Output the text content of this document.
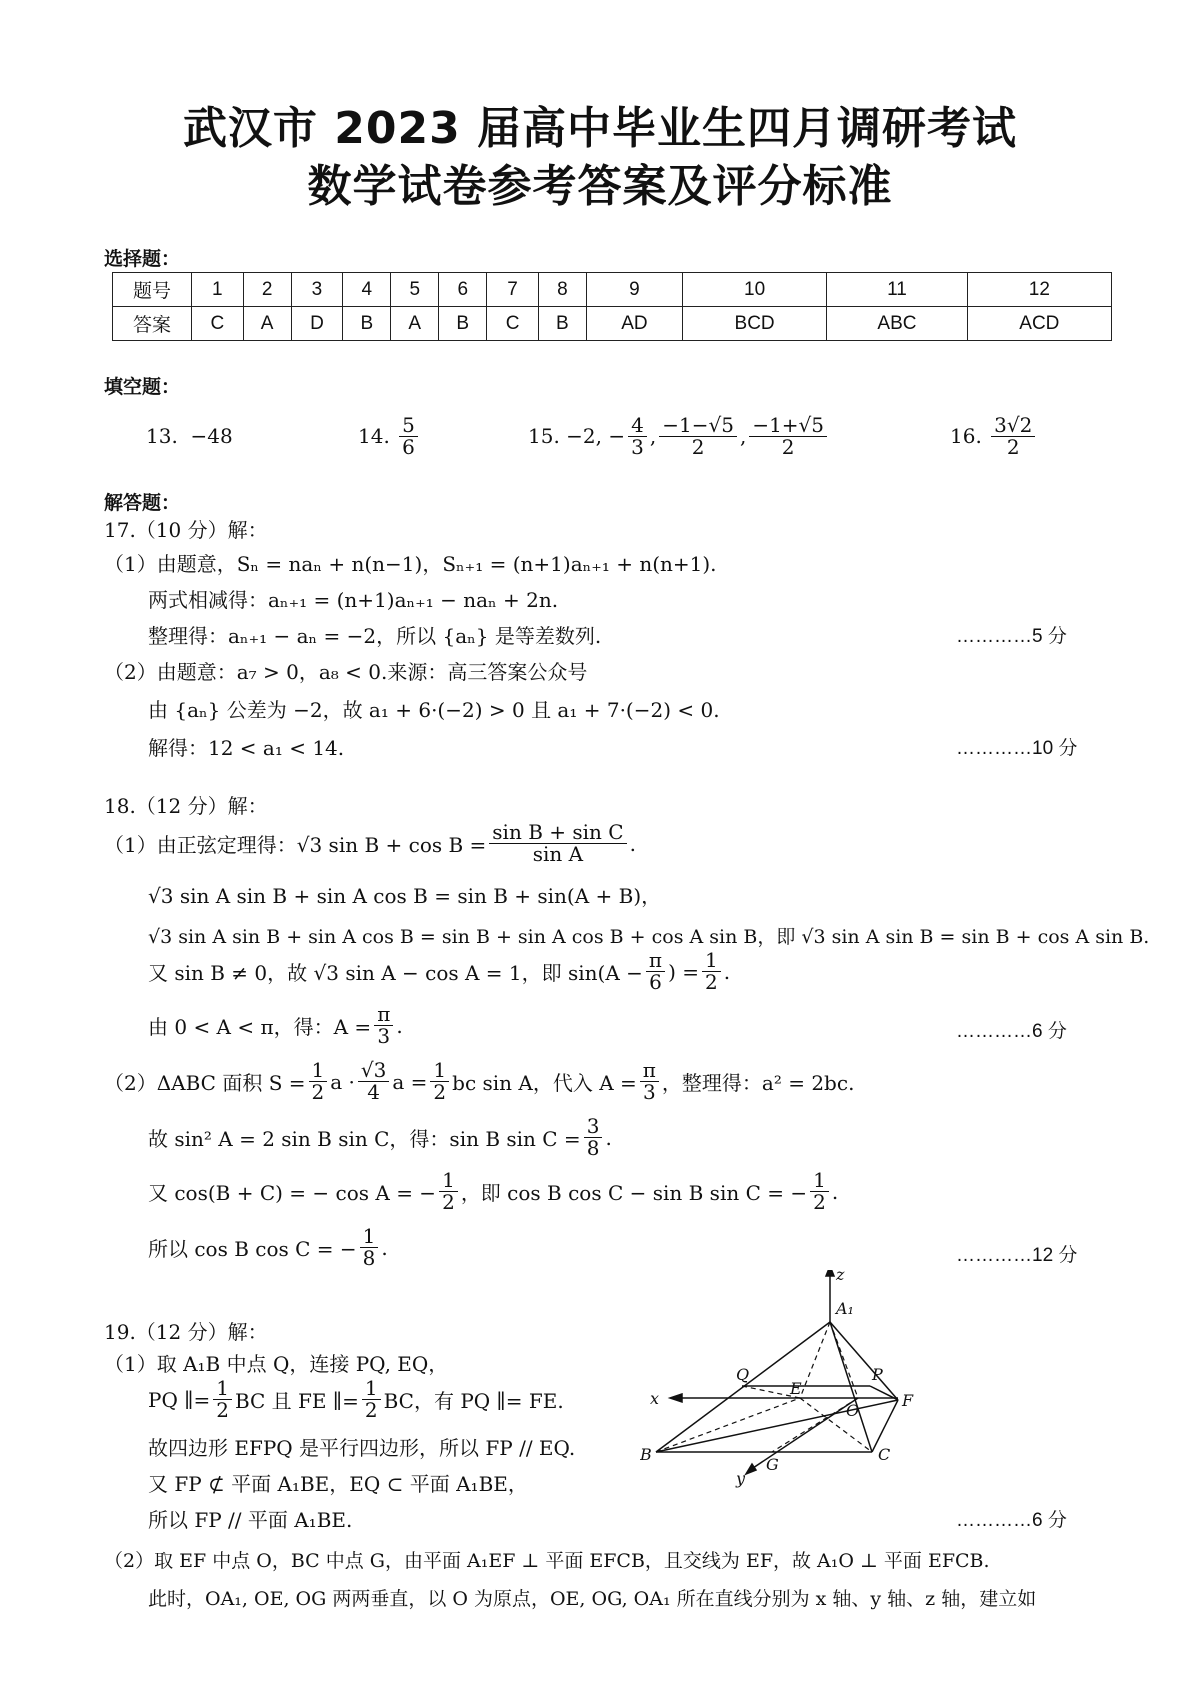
武汉市 2023 届高中毕业生四月调研考试
数学试卷参考答案及评分标准
选择题：
题号	1	2	3	4	5	6	7	8	9	10	11	12
答案	C	A	D	B	A	B	C	B	AD	BCD	ABC	ACD
填空题：
13.
−48	14.
$\frac{5}{6}$	15.
−2, − $\frac{4}{3}$ , $\frac{-1-√5}{2}$ , $\frac{-1+√5}{2}$	16.
$\frac{3√2}{2}$
解答题：
17.（10 分）解：
（1）由题意，Sₙ = naₙ + n(n−1)，Sₙ₊₁ = (n+1)aₙ₊₁ + n(n+1).
两式相减得：aₙ₊₁ = (n+1)aₙ₊₁ − naₙ + 2n.
整理得：aₙ₊₁ − aₙ = −2，所以 {aₙ} 是等差数列.	…………5 分
（2）由题意：a₇ > 0，a₈ < 0.来源：高三答案公众号
由 {aₙ} 公差为 −2，故 a₁ + 6·(−2) > 0 且 a₁ + 7·(−2) < 0.
解得：12 < a₁ < 14.	…………10 分
18.（12 分）解：
（1）由正弦定理得：√3 $\sin B + \cos B = \frac{\text{sin B + sin C}}{\text{sin A}}$ .
√3 sin A sin B + sin A cos B = sin B + sin(A + B)，
√3 sin A sin B + sin A cos B = sin B + sin A cos B + cos A sin B，即 √3 sin A sin B = sin B + cos A sin B.
又 sin B ≠ 0，故 √3 sin A − cos A = 1，即 $\sin(A - \frac{\pi}{6}$ ) = $\frac{1}{2}$ .
由 0 < A < π，得：$A = \frac{\pi}{3}$ .	…………6 分
（2）ΔABC 面积 $S = \frac{1}{2}$ $a \cdot \frac{√3}{4}$ $a = \frac{1}{2}$ bc sin A，代入 $A = \frac{\pi}{3}$ ，整理得：a² = 2bc.
故 sin² A = 2 sin B sin C，得：sin B $\sin C = \frac{3}{8}$ .
又 cos(B + C) = − cos A = − $\frac{1}{2}$ ，即 cos B cos C − sin B sin C = − $\frac{1}{2}$ .
所以 cos B cos C = − $\frac{1}{8}$ .	…………12 分
19.（12 分）解：
（1）取 A₁B 中点 Q，连接 PQ, EQ，
PQ ∥= $\frac{1}{2}$ BC 且 FE ∥= $\frac{1}{2}$ BC，有 PQ ∥= FE.
故四边形 EFPQ 是平行四边形，所以 FP // EQ.
又 FP ⊄ 平面 A₁BE，EQ ⊂ 平面 A₁BE，
所以 FP // 平面 A₁BE.	…………6 分
（2）取 EF 中点 O，BC 中点 G，由平面 A₁EF ⊥ 平面 EFCB，且交线为 EF，故 A₁O ⊥ 平面 EFCB.
此时，OA₁, OE, OG 两两垂直，以 O 为原点，OE, OG, OA₁ 所在直线分别为 x 轴、y 轴、z 轴，建立如
z
A₁
Q	P
x
E
O
F
B
G
C
y
